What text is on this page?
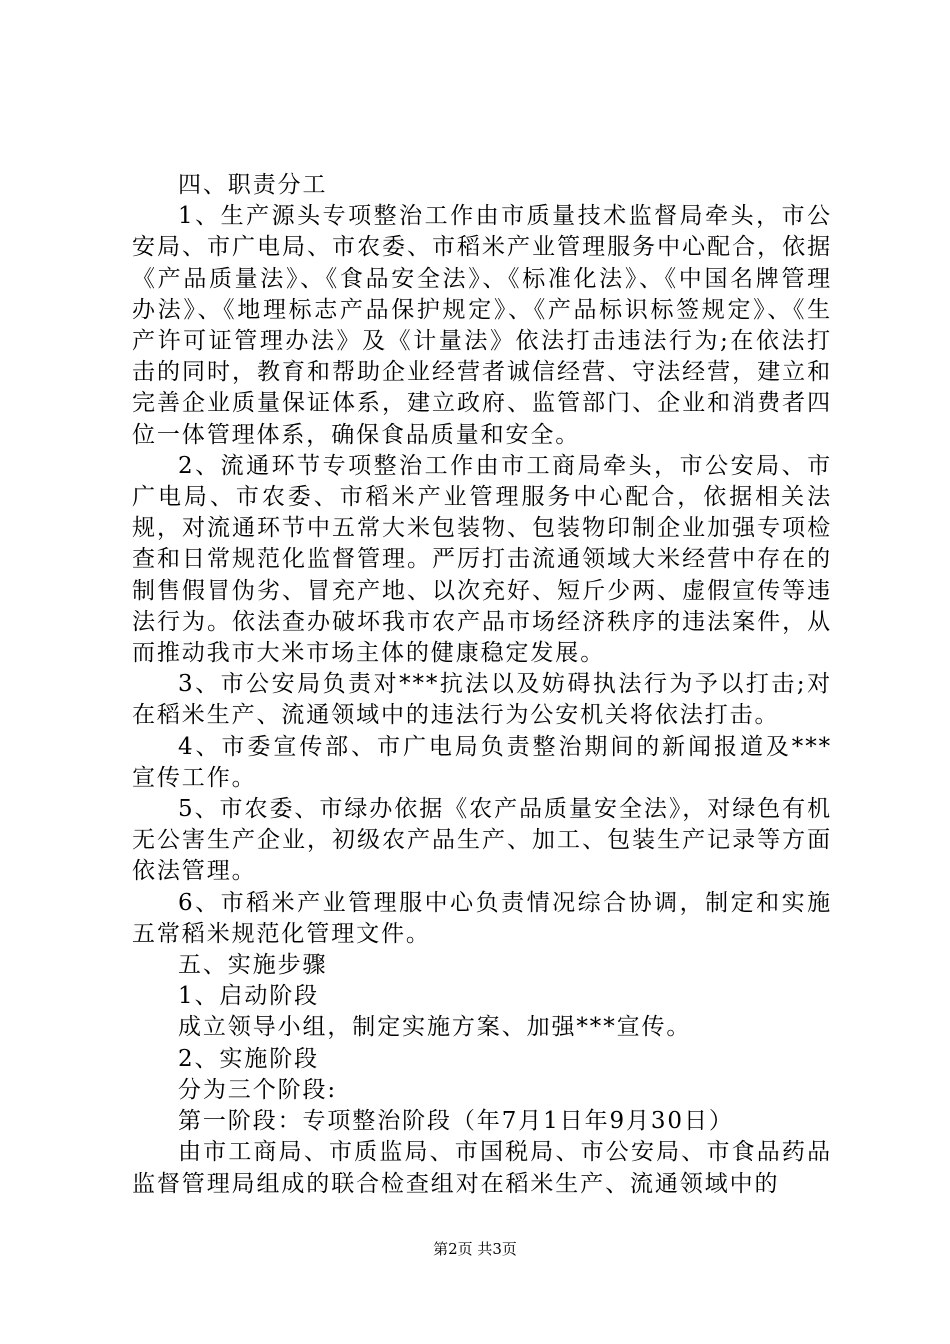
四、职责分工

1、生产源头专项整治工作由市质量技术监督局牵头，市公安局、市广电局、市农委、市稻米产业管理服务中心配合，依据《产品质量法》、《食品安全法》、《标准化法》、《中国名牌管理办法》、《地理标志产品保护规定》、《产品标识标签规定》、《生产许可证管理办法》及《计量法》依法打击违法行为;在依法打击的同时，教育和帮助企业经营者诚信经营、守法经营，建立和完善企业质量保证体系，建立政府、监管部门、企业和消费者四位一体管理体系，确保食品质量和安全。

2、流通环节专项整治工作由市工商局牵头，市公安局、市广电局、市农委、市稻米产业管理服务中心配合，依据相关法规，对流通环节中五常大米包装物、包装物印制企业加强专项检查和日常规范化监督管理。严厉打击流通领域大米经营中存在的制售假冒伪劣、冒充产地、以次充好、短斤少两、虚假宣传等违法行为。依法查办破坏我市农产品市场经济秩序的违法案件，从而推动我市大米市场主体的健康稳定发展。

3、市公安局负责对***抗法以及妨碍执法行为予以打击;对在稻米生产、流通领域中的违法行为公安机关将依法打击。

4、市委宣传部、市广电局负责整治期间的新闻报道及***宣传工作。

5、市农委、市绿办依据《农产品质量安全法》，对绿色有机无公害生产企业，初级农产品生产、加工、包装生产记录等方面依法管理。

6、市稻米产业管理服中心负责情况综合协调，制定和实施五常稻米规范化管理文件。

五、实施步骤

1、启动阶段

成立领导小组，制定实施方案、加强***宣传。

2、实施阶段

分为三个阶段:

第一阶段：专项整治阶段（年7月1日年9月30日）

由市工商局、市质监局、市国税局、市公安局、市食品药品监督管理局组成的联合检查组对在稻米生产、流通领域中的

第2页 共3页
